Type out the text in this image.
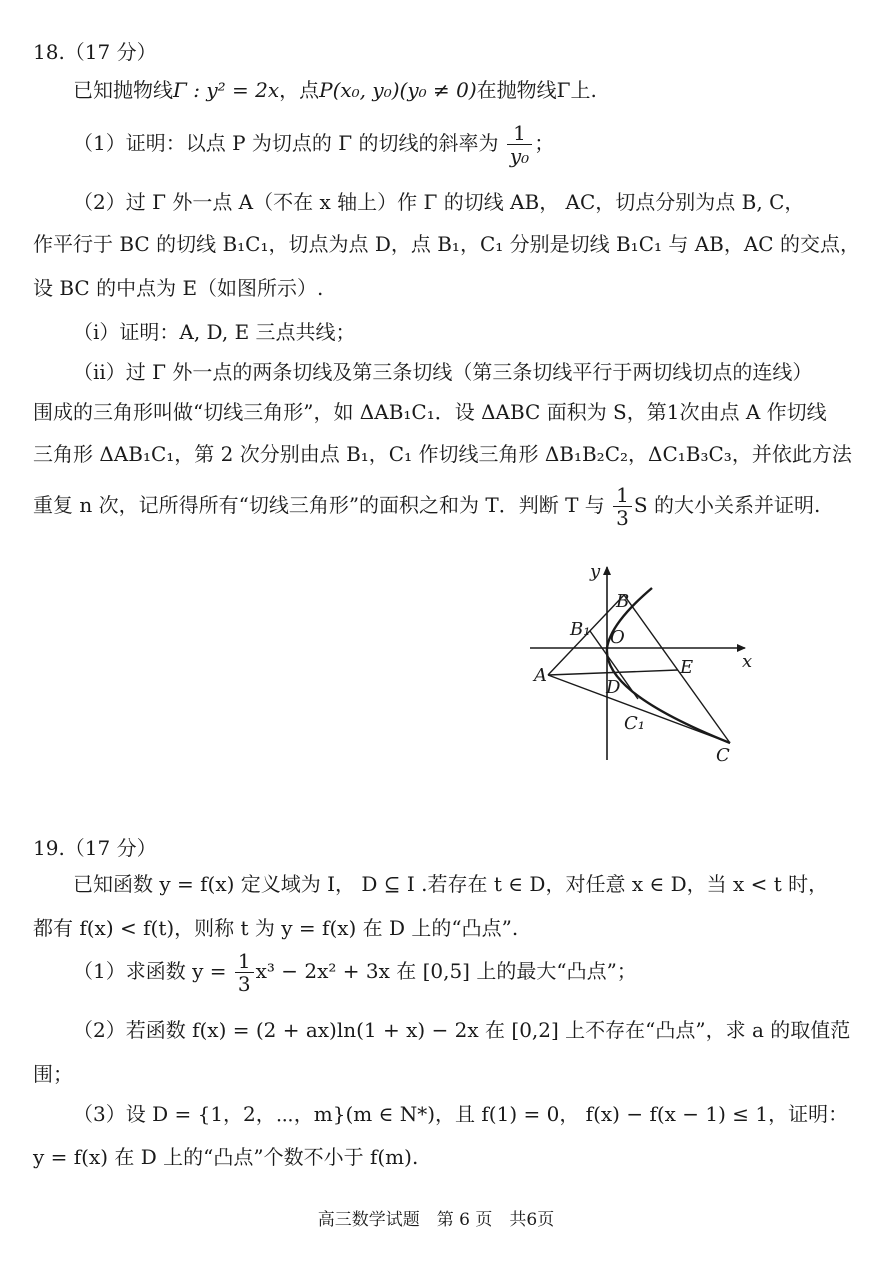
18.（17 分）
已知抛物线Γ : y² = 2x，点P(x₀, y₀)(y₀ ≠ 0)在抛物线Γ上.
（1）证明：以点 P 为切点的 Γ 的切线的斜率为 $\frac{1}{\text{y₀}}$ ；
（2）过 Γ 外一点 A（不在 x 轴上）作 Γ 的切线 AB， AC，切点分别为点 B, C，
作平行于 BC 的切线 B₁C₁，切点为点 D，点 B₁，C₁ 分别是切线 B₁C₁ 与 AB，AC 的交点，
设 BC 的中点为 E（如图所示）.
（i）证明：A, D, E 三点共线；
（ii）过 Γ 外一点的两条切线及第三条切线（第三条切线平行于两切线切点的连线）
围成的三角形叫做“切线三角形”，如 ΔAB₁C₁．设 ΔABC 面积为 S，第1次由点 A 作切线
三角形 ΔAB₁C₁，第 2 次分别由点 B₁，C₁ 作切线三角形 ΔB₁B₂C₂，ΔC₁B₃C₃，并依此方法
重复 n 次，记所得所有“切线三角形”的面积之和为 T．判断 T 与 $\frac{1}{3}$ S 的大小关系并证明.
y
x
B
B₁ O
A	E
D
C₁
C
19.（17 分）
已知函数 y = f(x) 定义域为 I， D ⊆ I .若存在 t ∈ D，对任意 x ∈ D，当 x < t 时，
都有 f(x) < f(t)，则称 t 为 y = f(x) 在 D 上的“凸点”.
（1）求函数 $y = \frac{1}{3} x^3 - 2x^2 + 3x$ 在 [0,5] 上的最大“凸点”；
（2）若函数 f(x) = (2 + ax)ln(1 + x) − 2x 在 [0,2] 上不存在“凸点”，求 a 的取值范
围；
（3）设 D = {1，2，⋯，m}(m ∈ N*)，且 f(1) = 0， f(x) − f(x − 1) ≤ 1，证明：
y = f(x) 在 D 上的“凸点”个数不小于 f(m).
高三数学试题　第 6 页　共6页
